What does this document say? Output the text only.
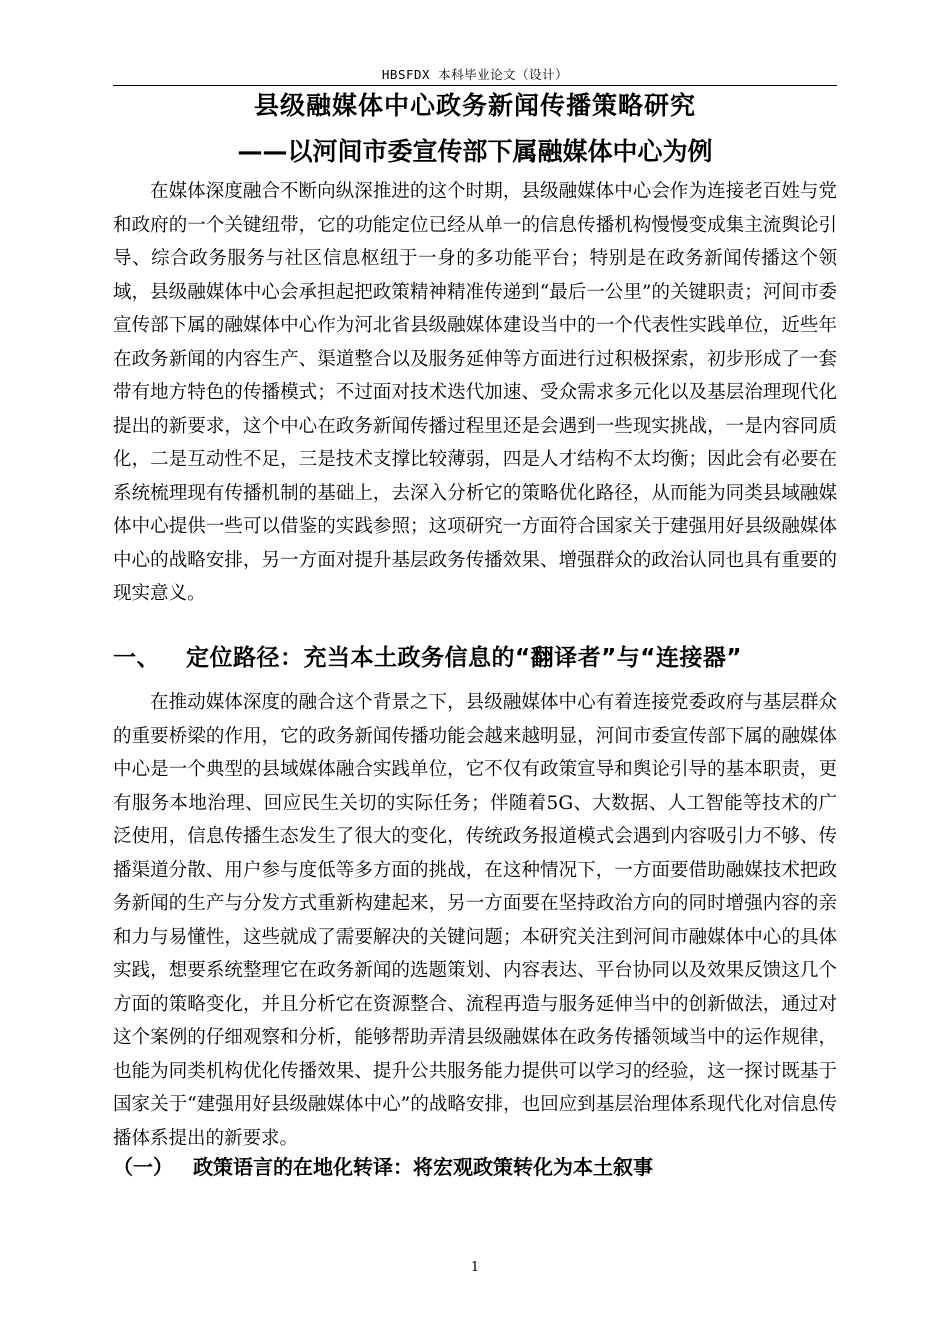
HBSFDX 本科毕业论文（设计）
县级融媒体中心政务新闻传播策略研究
——以河间市委宣传部下属融媒体中心为例

在媒体深度融合不断向纵深推进的这个时期，县级融媒体中心会作为连接老百姓与党和政府的一个关键纽带，它的功能定位已经从单一的信息传播机构慢慢变成集主流舆论引导、综合政务服务与社区信息枢纽于一身的多功能平台；特别是在政务新闻传播这个领域，县级融媒体中心会承担起把政策精神精准传递到“最后一公里”的关键职责；河间市委宣传部下属的融媒体中心作为河北省县级融媒体建设当中的一个代表性实践单位，近些年在政务新闻的内容生产、渠道整合以及服务延伸等方面进行过积极探索，初步形成了一套带有地方特色的传播模式；不过面对技术迭代加速、受众需求多元化以及基层治理现代化提出的新要求，这个中心在政务新闻传播过程里还是会遇到一些现实挑战，一是内容同质化，二是互动性不足，三是技术支撑比较薄弱，四是人才结构不太均衡；因此会有必要在系统梳理现有传播机制的基础上，去深入分析它的策略优化路径，从而能为同类县域融媒体中心提供一些可以借鉴的实践参照；这项研究一方面符合国家关于建强用好县级融媒体中心的战略安排，另一方面对提升基层政务传播效果、增强群众的政治认同也具有重要的现实意义。

一、 定位路径：充当本土政务信息的“翻译者”与“连接器”

在推动媒体深度的融合这个背景之下，县级融媒体中心有着连接党委政府与基层群众的重要桥梁的作用，它的政务新闻传播功能会越来越明显，河间市委宣传部下属的融媒体中心是一个典型的县域媒体融合实践单位，它不仅有政策宣导和舆论引导的基本职责，更有服务本地治理、回应民生关切的实际任务；伴随着5G、大数据、人工智能等技术的广泛使用，信息传播生态发生了很大的变化，传统政务报道模式会遇到内容吸引力不够、传播渠道分散、用户参与度低等多方面的挑战，在这种情况下，一方面要借助融媒技术把政务新闻的生产与分发方式重新构建起来，另一方面要在坚持政治方向的同时增强内容的亲和力与易懂性，这些就成了需要解决的关键问题；本研究关注到河间市融媒体中心的具体实践，想要系统整理它在政务新闻的选题策划、内容表达、平台协同以及效果反馈这几个方面的策略变化，并且分析它在资源整合、流程再造与服务延伸当中的创新做法，通过对这个案例的仔细观察和分析，能够帮助弄清县级融媒体在政务传播领域当中的运作规律，也能为同类机构优化传播效果、提升公共服务能力提供可以学习的经验，这一探讨既基于国家关于“建强用好县级融媒体中心”的战略安排，也回应到基层治理体系现代化对信息传播体系提出的新要求。

（一） 政策语言的在地化转译：将宏观政策转化为本土叙事
1
